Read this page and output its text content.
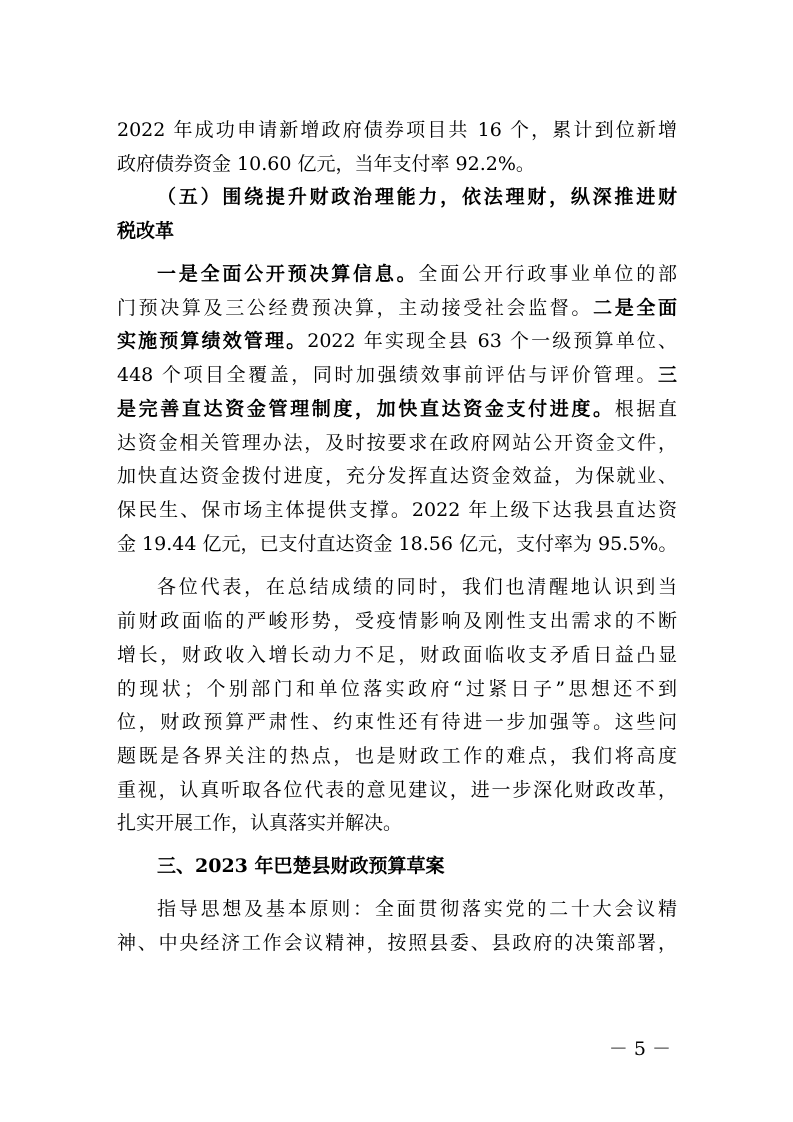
2022 年成功申请新增政府债券项目共 16 个，累计到位新增
政府债券资金 10.60 亿元，当年支付率 92.2%。
（五）围绕提升财政治理能力，依法理财，纵深推进财
税改革
一是全面公开预决算信息。全面公开行政事业单位的部
门预决算及三公经费预决算，主动接受社会监督。二是全面
实施预算绩效管理。2022 年实现全县 63 个一级预算单位、
448 个项目全覆盖，同时加强绩效事前评估与评价管理。三
是完善直达资金管理制度，加快直达资金支付进度。根据直
达资金相关管理办法，及时按要求在政府网站公开资金文件，
加快直达资金拨付进度，充分发挥直达资金效益，为保就业、
保民生、保市场主体提供支撑。2022 年上级下达我县直达资
金 19.44 亿元，已支付直达资金 18.56 亿元，支付率为 95.5%。
各位代表，在总结成绩的同时，我们也清醒地认识到当
前财政面临的严峻形势，受疫情影响及刚性支出需求的不断
增长，财政收入增长动力不足，财政面临收支矛盾日益凸显
的现状；个别部门和单位落实政府“过紧日子”思想还不到
位，财政预算严肃性、约束性还有待进一步加强等。这些问
题既是各界关注的热点，也是财政工作的难点，我们将高度
重视，认真听取各位代表的意见建议，进一步深化财政改革，
扎实开展工作，认真落实并解决。
三、2023 年巴楚县财政预算草案
指导思想及基本原则：全面贯彻落实党的二十大会议精
神、中央经济工作会议精神，按照县委、县政府的决策部署，
－ 5 －
